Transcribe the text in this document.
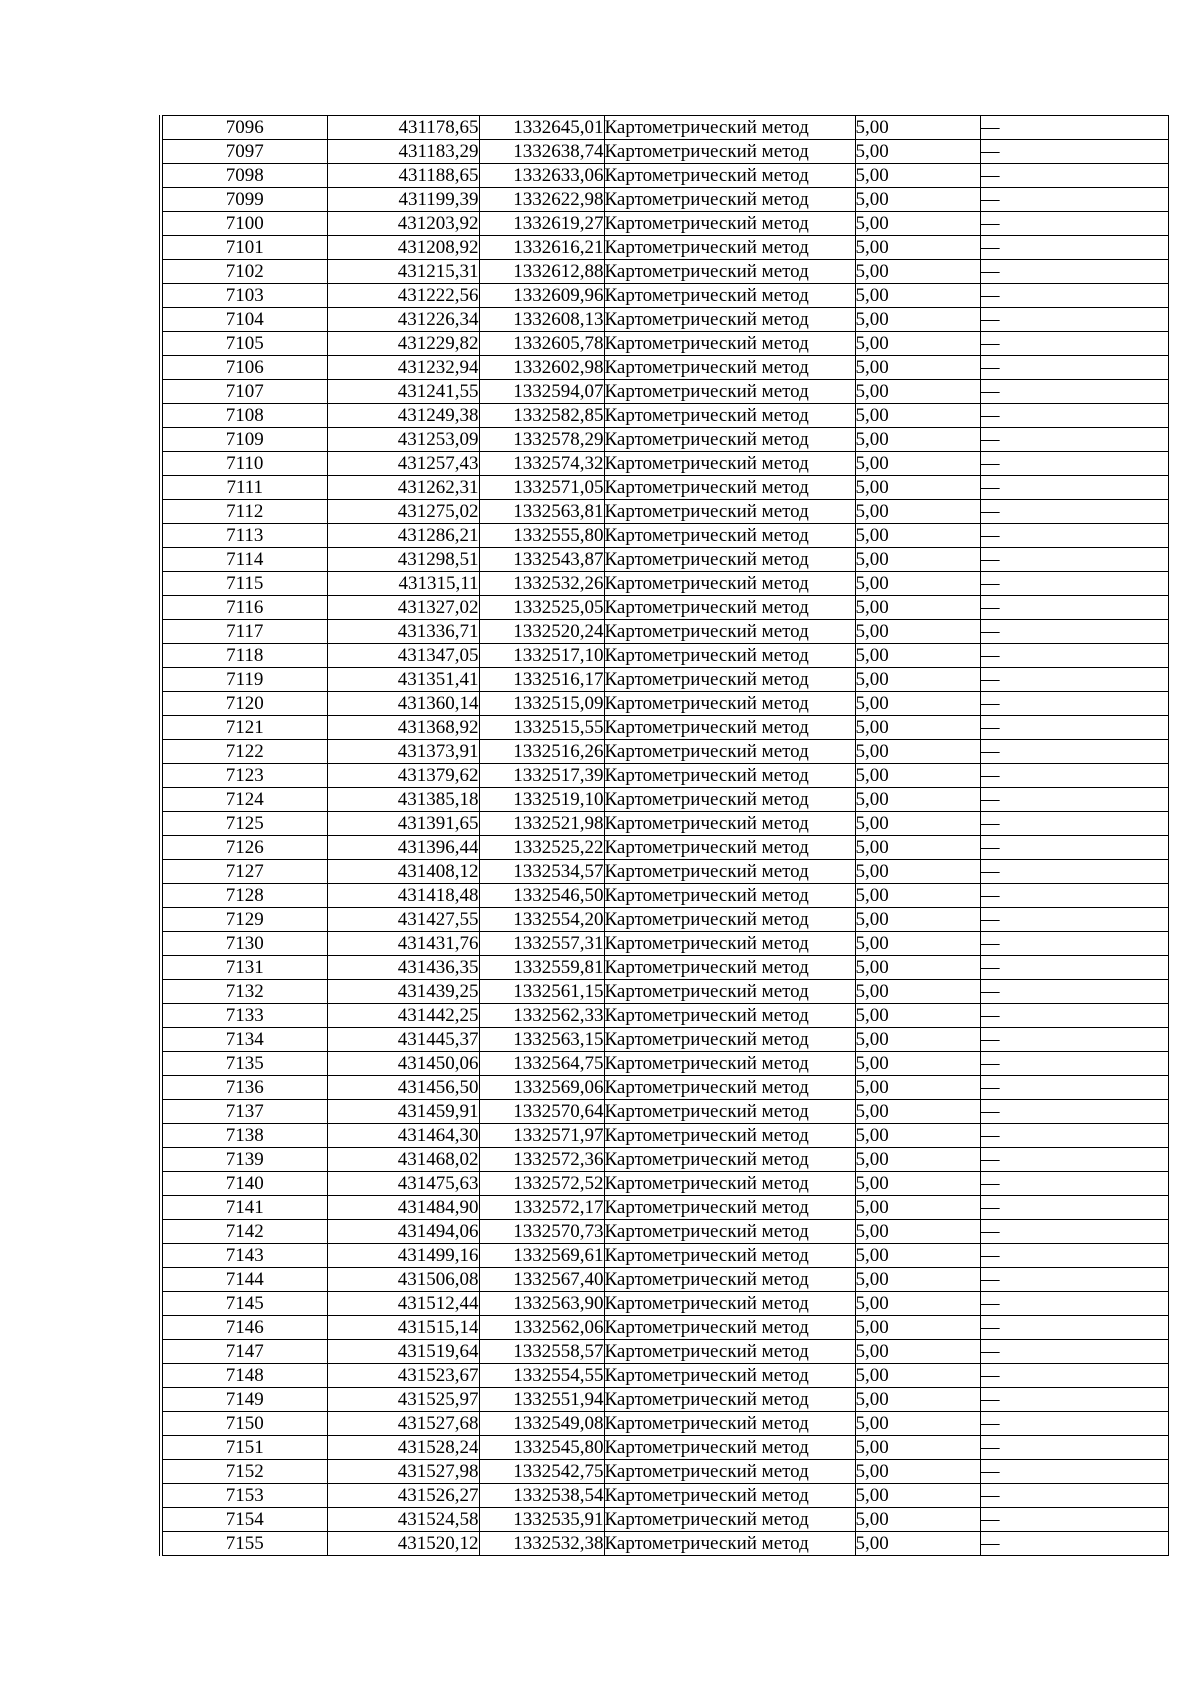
7096	431178,65	1332645,01	Картометрический метод	5,00	—
7097	431183,29	1332638,74	Картометрический метод	5,00	—
7098	431188,65	1332633,06	Картометрический метод	5,00	—
7099	431199,39	1332622,98	Картометрический метод	5,00	—
7100	431203,92	1332619,27	Картометрический метод	5,00	—
7101	431208,92	1332616,21	Картометрический метод	5,00	—
7102	431215,31	1332612,88	Картометрический метод	5,00	—
7103	431222,56	1332609,96	Картометрический метод	5,00	—
7104	431226,34	1332608,13	Картометрический метод	5,00	—
7105	431229,82	1332605,78	Картометрический метод	5,00	—
7106	431232,94	1332602,98	Картометрический метод	5,00	—
7107	431241,55	1332594,07	Картометрический метод	5,00	—
7108	431249,38	1332582,85	Картометрический метод	5,00	—
7109	431253,09	1332578,29	Картометрический метод	5,00	—
7110	431257,43	1332574,32	Картометрический метод	5,00	—
7111	431262,31	1332571,05	Картометрический метод	5,00	—
7112	431275,02	1332563,81	Картометрический метод	5,00	—
7113	431286,21	1332555,80	Картометрический метод	5,00	—
7114	431298,51	1332543,87	Картометрический метод	5,00	—
7115	431315,11	1332532,26	Картометрический метод	5,00	—
7116	431327,02	1332525,05	Картометрический метод	5,00	—
7117	431336,71	1332520,24	Картометрический метод	5,00	—
7118	431347,05	1332517,10	Картометрический метод	5,00	—
7119	431351,41	1332516,17	Картометрический метод	5,00	—
7120	431360,14	1332515,09	Картометрический метод	5,00	—
7121	431368,92	1332515,55	Картометрический метод	5,00	—
7122	431373,91	1332516,26	Картометрический метод	5,00	—
7123	431379,62	1332517,39	Картометрический метод	5,00	—
7124	431385,18	1332519,10	Картометрический метод	5,00	—
7125	431391,65	1332521,98	Картометрический метод	5,00	—
7126	431396,44	1332525,22	Картометрический метод	5,00	—
7127	431408,12	1332534,57	Картометрический метод	5,00	—
7128	431418,48	1332546,50	Картометрический метод	5,00	—
7129	431427,55	1332554,20	Картометрический метод	5,00	—
7130	431431,76	1332557,31	Картометрический метод	5,00	—
7131	431436,35	1332559,81	Картометрический метод	5,00	—
7132	431439,25	1332561,15	Картометрический метод	5,00	—
7133	431442,25	1332562,33	Картометрический метод	5,00	—
7134	431445,37	1332563,15	Картометрический метод	5,00	—
7135	431450,06	1332564,75	Картометрический метод	5,00	—
7136	431456,50	1332569,06	Картометрический метод	5,00	—
7137	431459,91	1332570,64	Картометрический метод	5,00	—
7138	431464,30	1332571,97	Картометрический метод	5,00	—
7139	431468,02	1332572,36	Картометрический метод	5,00	—
7140	431475,63	1332572,52	Картометрический метод	5,00	—
7141	431484,90	1332572,17	Картометрический метод	5,00	—
7142	431494,06	1332570,73	Картометрический метод	5,00	—
7143	431499,16	1332569,61	Картометрический метод	5,00	—
7144	431506,08	1332567,40	Картометрический метод	5,00	—
7145	431512,44	1332563,90	Картометрический метод	5,00	—
7146	431515,14	1332562,06	Картометрический метод	5,00	—
7147	431519,64	1332558,57	Картометрический метод	5,00	—
7148	431523,67	1332554,55	Картометрический метод	5,00	—
7149	431525,97	1332551,94	Картометрический метод	5,00	—
7150	431527,68	1332549,08	Картометрический метод	5,00	—
7151	431528,24	1332545,80	Картометрический метод	5,00	—
7152	431527,98	1332542,75	Картометрический метод	5,00	—
7153	431526,27	1332538,54	Картометрический метод	5,00	—
7154	431524,58	1332535,91	Картометрический метод	5,00	—
7155	431520,12	1332532,38	Картометрический метод	5,00	—
